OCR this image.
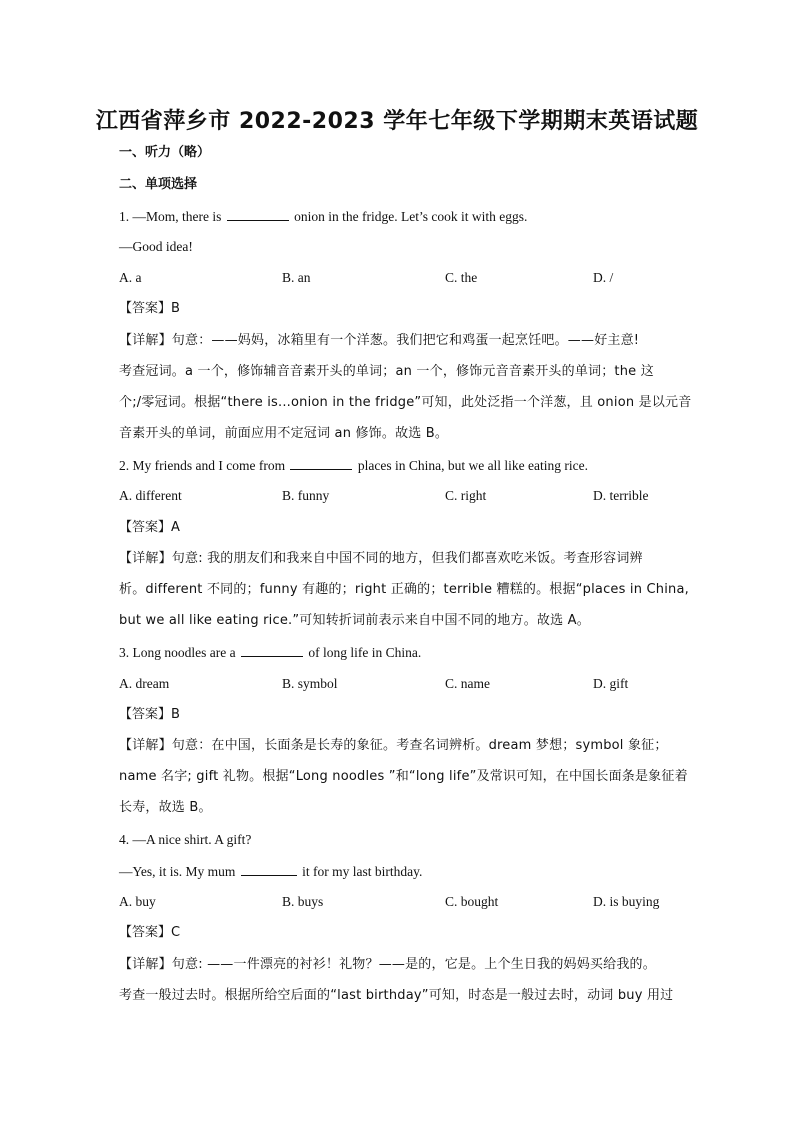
江西省萍乡市 2022-2023 学年七年级下学期期末英语试题
一、听力（略）
二、单项选择
1. —Mom, there is	onion in the fridge. Let’s cook it with eggs.
—Good idea!
A. a	B. an	C. the	D. /
【答案】B
【详解】句意：——妈妈，冰箱里有一个洋葱。我们把它和鸡蛋一起烹饪吧。——好主意!
考查冠词。a 一个，修饰辅音音素开头的单词；an 一个，修饰元音音素开头的单词；the 这
个;/零冠词。根据“there is...onion in the fridge”可知，此处泛指一个洋葱，且 onion 是以元音
音素开头的单词，前面应用不定冠词 an 修饰。故选 B。
2. My friends and I come from	places in China, but we all like eating rice.
A. different	B. funny	C. right	D. terrible
【答案】A
【详解】句意: 我的朋友们和我来自中国不同的地方，但我们都喜欢吃米饭。考查形容词辨
析。different 不同的；funny 有趣的；right 正确的；terrible 糟糕的。根据“places in China,
but we all like eating rice.”可知转折词前表示来自中国不同的地方。故选 A。
3. Long noodles are a	of long life in China.
A. dream	B. symbol	C. name	D. gift
【答案】B
【详解】句意：在中国，长面条是长寿的象征。考查名词辨析。dream 梦想；symbol 象征；
name 名字; gift 礼物。根据“Long noodles ”和“long life”及常识可知，在中国长面条是象征着
长寿，故选 B。
4. —A nice shirt. A gift?
—Yes, it is. My mum	it for my last birthday.
A. buy	B. buys	C. bought	D. is buying
【答案】C
【详解】句意: ——一件漂亮的衬衫！礼物？——是的，它是。上个生日我的妈妈买给我的。
考查一般过去时。根据所给空后面的“last birthday”可知，时态是一般过去时，动词 buy 用过
